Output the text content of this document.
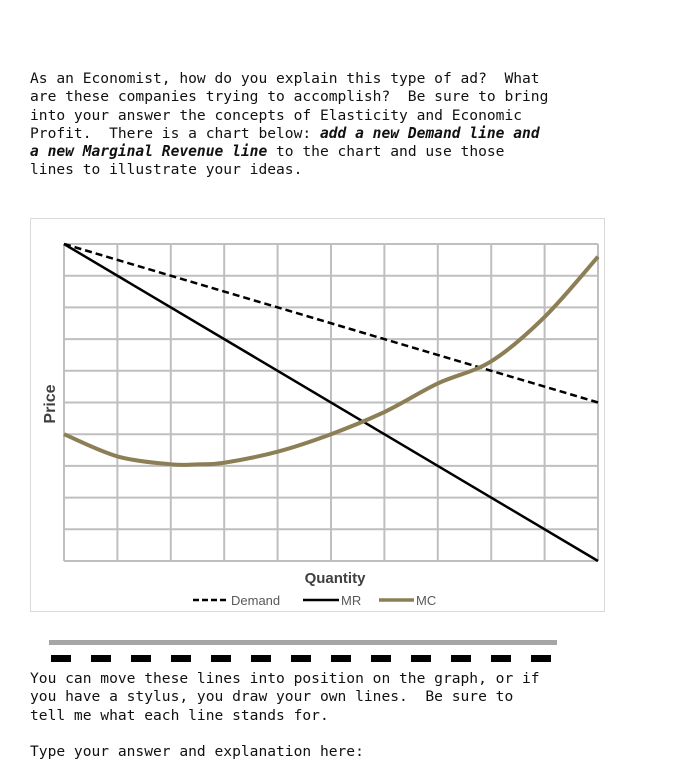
As an Economist, how do you explain this type of ad?  What
are these companies trying to accomplish?  Be sure to bring
into your answer the concepts of Elasticity and Economic
Profit.  There is a chart below: add a new Demand line and
a new Marginal Revenue line to the chart and use those
lines to illustrate your ideas.
Price
Quantity
Demand	MR	MC
You can move these lines into position on the graph, or if
you have a stylus, you draw your own lines.  Be sure to
tell me what each line stands for.
Type your answer and explanation here:
